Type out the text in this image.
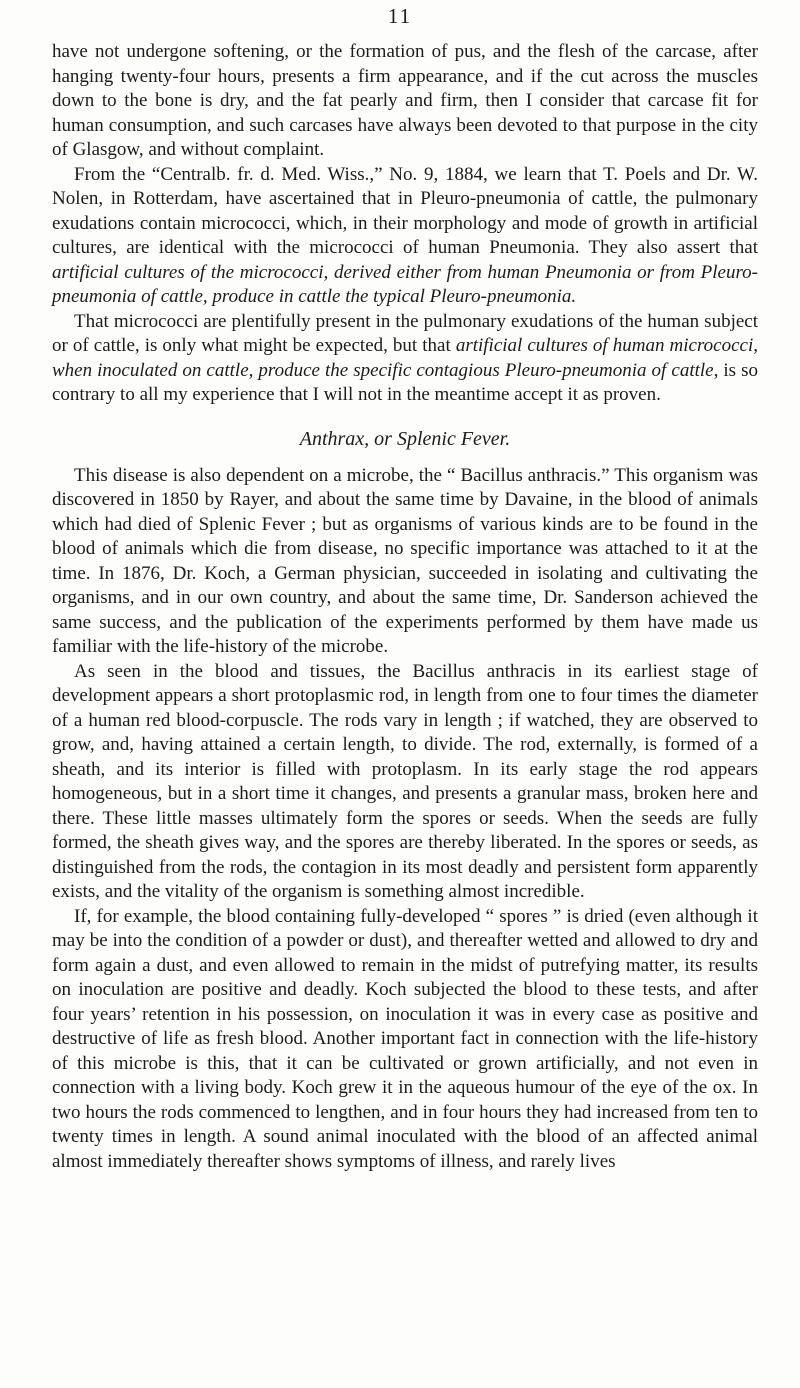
11

have not undergone softening, or the formation of pus, and the flesh of the carcase, after hanging twenty-four hours, presents a firm appearance, and if the cut across the muscles down to the bone is dry, and the fat pearly and firm, then I consider that carcase fit for human consumption, and such carcases have always been devoted to that purpose in the city of Glasgow, and without complaint.

From the “Centralb. fr. d. Med. Wiss.,” No. 9, 1884, we learn that T. Poels and Dr. W. Nolen, in Rotterdam, have ascertained that in Pleuro-pneumonia of cattle, the pulmonary exudations contain micrococci, which, in their morphology and mode of growth in artificial cultures, are identical with the micrococci of human Pneumonia. They also assert that artificial cultures of the micrococci, derived either from human Pneumonia or from Pleuro-pneumonia of cattle, produce in cattle the typical Pleuro-pneumonia.

That micrococci are plentifully present in the pulmonary exudations of the human subject or of cattle, is only what might be expected, but that artificial cultures of human micrococci, when inoculated on cattle, produce the specific contagious Pleuro-pneumonia of cattle, is so contrary to all my experience that I will not in the meantime accept it as proven.

Anthrax, or Splenic Fever.

This disease is also dependent on a microbe, the “ Bacillus anthracis.” This organism was discovered in 1850 by Rayer, and about the same time by Davaine, in the blood of animals which had died of Splenic Fever ; but as organisms of various kinds are to be found in the blood of animals which die from disease, no specific importance was attached to it at the time. In 1876, Dr. Koch, a German physician, succeeded in isolating and cultivating the organisms, and in our own country, and about the same time, Dr. Sanderson achieved the same success, and the publication of the experiments performed by them have made us familiar with the life-history of the microbe.

As seen in the blood and tissues, the Bacillus anthracis in its earliest stage of development appears a short protoplasmic rod, in length from one to four times the diameter of a human red blood-corpuscle. The rods vary in length ; if watched, they are observed to grow, and, having attained a certain length, to divide. The rod, externally, is formed of a sheath, and its interior is filled with protoplasm. In its early stage the rod appears homogeneous, but in a short time it changes, and presents a granular mass, broken here and there. These little masses ultimately form the spores or seeds. When the seeds are fully formed, the sheath gives way, and the spores are thereby liberated. In the spores or seeds, as distinguished from the rods, the contagion in its most deadly and persistent form apparently exists, and the vitality of the organism is something almost incredible.

If, for example, the blood containing fully-developed “ spores ” is dried (even although it may be into the condition of a powder or dust), and thereafter wetted and allowed to dry and form again a dust, and even allowed to remain in the midst of putrefying matter, its results on inoculation are positive and deadly. Koch subjected the blood to these tests, and after four years’ retention in his possession, on inoculation it was in every case as positive and destructive of life as fresh blood. Another important fact in connection with the life-history of this microbe is this, that it can be cultivated or grown artificially, and not even in connection with a living body. Koch grew it in the aqueous humour of the eye of the ox. In two hours the rods commenced to lengthen, and in four hours they had increased from ten to twenty times in length. A sound animal inoculated with the blood of an affected animal almost immediately thereafter shows symptoms of illness, and rarely lives
